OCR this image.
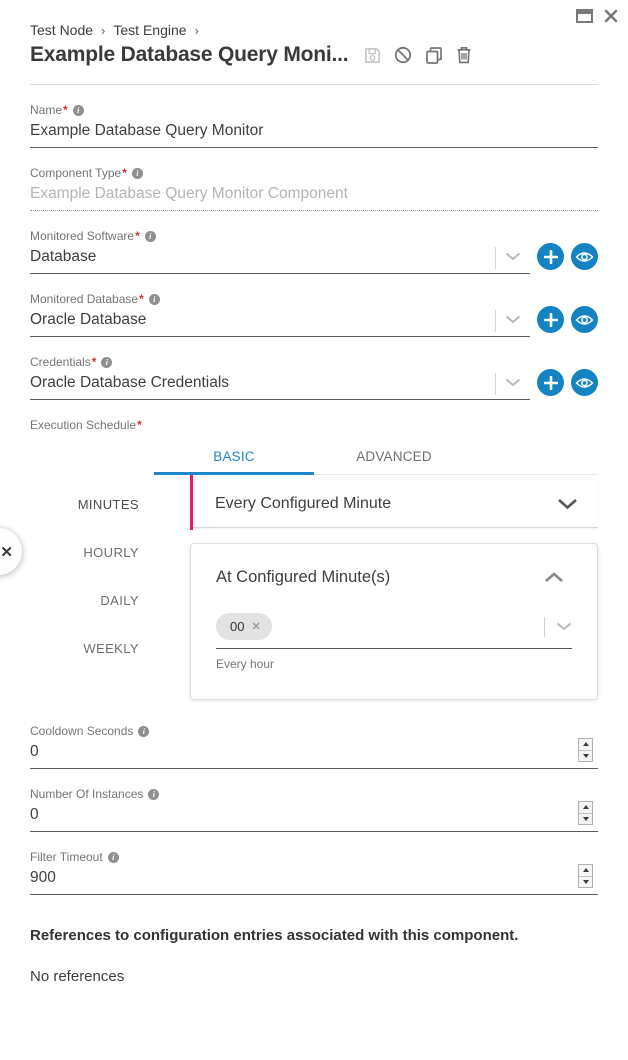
Test Node › Test Engine ›
Example Database Query Moni...
Name *	i
Example Database Query Monitor
Component Type *	i
Example Database Query Monitor Component
Monitored Software *	i
Database
Monitored Database *	i
Oracle Database
Credentials *	i
Oracle Database Credentials
Execution Schedule *
BASIC	ADVANCED
MINUTES
HOURLY
DAILY
WEEKLY
Every Configured Minute
At Configured Minute(s)
00 ✕
Every hour
Cooldown Seconds	i
0
Number Of Instances	i
0
Filter Timeout	i
900
References to configuration entries associated with this component.
No references
✕
